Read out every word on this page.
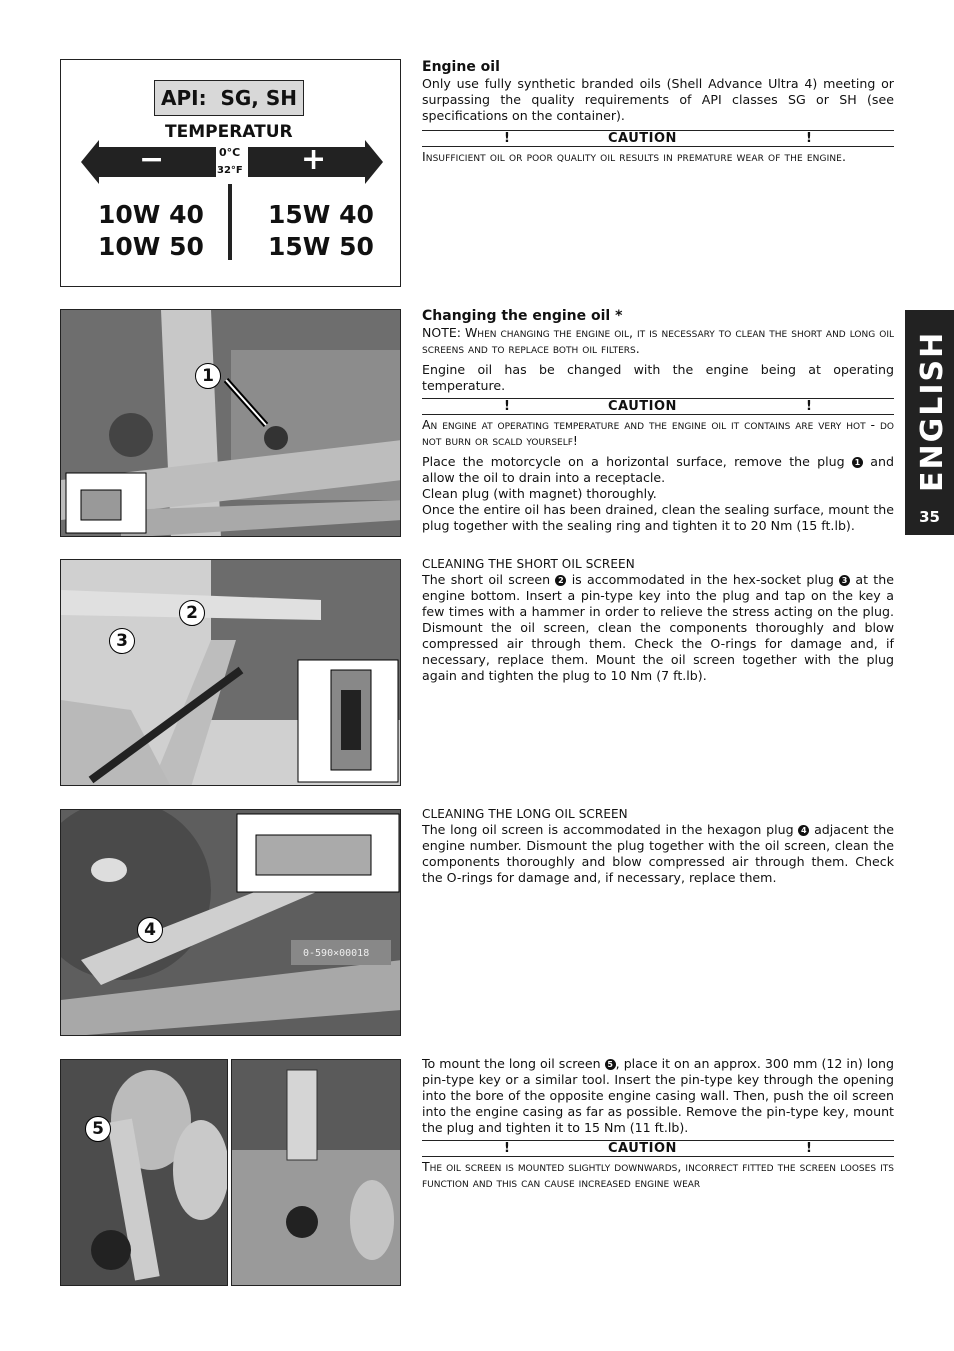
API:  SG, SH
TEMPERATUR
−	+
0°C
32°F
10W 40
10W 50
15W 40
15W 50

Engine oil

Only use fully synthetic branded oils (Shell Advance Ultra 4) meeting or surpassing the quality requirements of API classes SG or SH (see specifications on the container).

!	CAUTION	!

Insufficient oil or poor quality oil results in premature wear of the engine.

1

Changing the engine oil *

NOTE: When changing the engine oil, it is necessary to clean the short and long oil screens and to replace both oil filters.

Engine oil has be changed with the engine being at operating temperature.

!	CAUTION	!

An engine at operating temperature and the engine oil it contains are very hot - do not burn or scald yourself!

Place the motorcycle on a horizontal surface, remove the plug 1 and allow the oil to drain into a receptacle.

Clean plug (with magnet) thoroughly.

Once the entire oil has been drained, clean the sealing surface, mount the plug together with the sealing ring and tighten it to 20 Nm (15 ft.lb).

ENGLISH
35
2
3

CLEANING THE SHORT OIL SCREEN

The short oil screen 2 is accommodated in the hex-socket plug 3 at the engine bottom. Insert a pin-type key into the plug and tap on the key a few times with a hammer in order to relieve the stress acting on the plug. Dismount the oil screen, clean the components thoroughly and blow compressed air through them. Check the O-rings for damage and, if necessary, replace them. Mount the oil screen together with the plug again and tighten the plug to 10 Nm (7 ft.lb).

0-590×00018
4

CLEANING THE LONG OIL SCREEN

The long oil screen is accommodated in the hexagon plug 4 adjacent the engine number. Dismount the plug together with the oil screen, clean the components thoroughly and blow compressed air through them. Check the O-rings for damage and, if necessary, replace them.

5

To mount the long oil screen 5 , place it on an approx. 300 mm (12 in) long pin-type key or a similar tool. Insert the pin-type key through the opening into the bore of the opposite engine casing wall. Then, push the oil screen into the engine casing as far as possible. Remove the pin-type key, mount the plug and tighten it to 15 Nm (11 ft.lb).

!	CAUTION	!

The oil screen is mounted slightly downwards, incorrect fitted the screen looses its function and this can cause increased engine wear
